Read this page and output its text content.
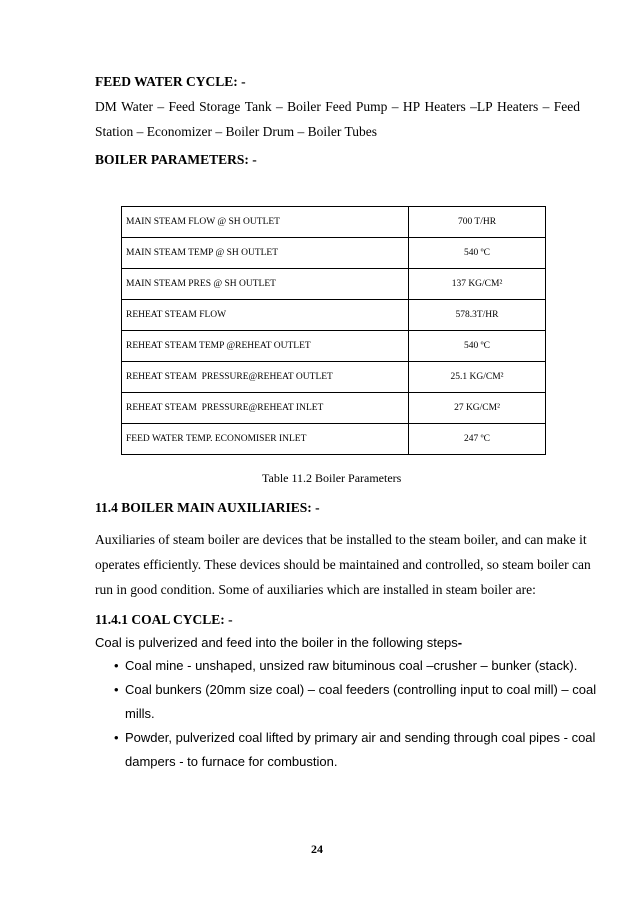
FEED WATER CYCLE: -
DM Water – Feed Storage Tank – Boiler Feed Pump – HP Heaters –LP Heaters – Feed
Station – Economizer – Boiler Drum – Boiler Tubes
BOILER PARAMETERS: -
MAIN STEAM FLOW @ SH OUTLET	700 T/HR
MAIN STEAM TEMP @ SH OUTLET	540 ºC
MAIN STEAM PRES @ SH OUTLET	137 KG/CM²
REHEAT STEAM FLOW	578.3T/HR
REHEAT STEAM TEMP @REHEAT OUTLET	540 ºC
REHEAT STEAM  PRESSURE@REHEAT OUTLET	25.1 KG/CM²
REHEAT STEAM  PRESSURE@REHEAT INLET	27 KG/CM²
FEED WATER TEMP. ECONOMISER INLET	247 ºC
Table 11.2 Boiler Parameters
11.4 BOILER MAIN AUXILIARIES: -
Auxiliaries of steam boiler are devices that be installed to the steam boiler, and can make it
operates efficiently. These devices should be maintained and controlled, so steam boiler can
run in good condition. Some of auxiliaries which are installed in steam boiler are:
11.4.1 COAL CYCLE: -
Coal is pulverized and feed into the boiler in the following steps-
• Coal mine - unshaped, unsized raw bituminous coal –crusher – bunker (stack).
• Coal bunkers (20mm size coal) – coal feeders (controlling input to coal mill) – coal
mills.
• Powder, pulverized coal lifted by primary air and sending through coal pipes - coal
dampers - to furnace for combustion.
24
